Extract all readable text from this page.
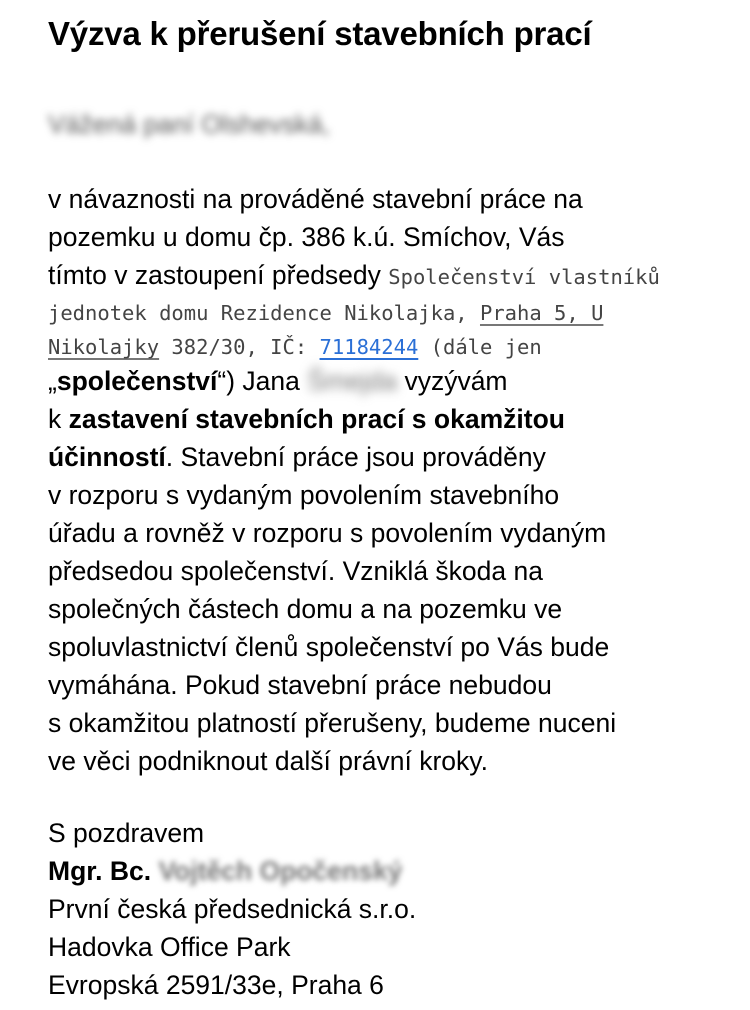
Výzva k přerušení stavebních prací
Vážená paní Olshevská,
v návaznosti na prováděné stavební práce na
pozemku u domu čp. 386 k.ú. Smíchov, Vás
tímto v zastoupení předsedy Společenství vlastníků
jednotek domu Rezidence Nikolajka, Praha 5, U
Nikolajky 382/30, IČ: 71184244 (dále jen
„společenství“) Jana Šmejda vyzývám
k zastavení stavebních prací s okamžitou
účinností. Stavební práce jsou prováděny
v rozporu s vydaným povolením stavebního
úřadu a rovněž v rozporu s povolením vydaným
předsedou společenství. Vzniklá škoda na
společných částech domu a na pozemku ve
spoluvlastnictví členů společenství po Vás bude
vymáhána. Pokud stavební práce nebudou
s okamžitou platností přerušeny, budeme nuceni
ve věci podniknout další právní kroky.
S pozdravem
Mgr. Bc. Vojtěch Opočenský
První česká předsednická s.r.o.
Hadovka Office Park
Evropská 2591/33e, Praha 6
